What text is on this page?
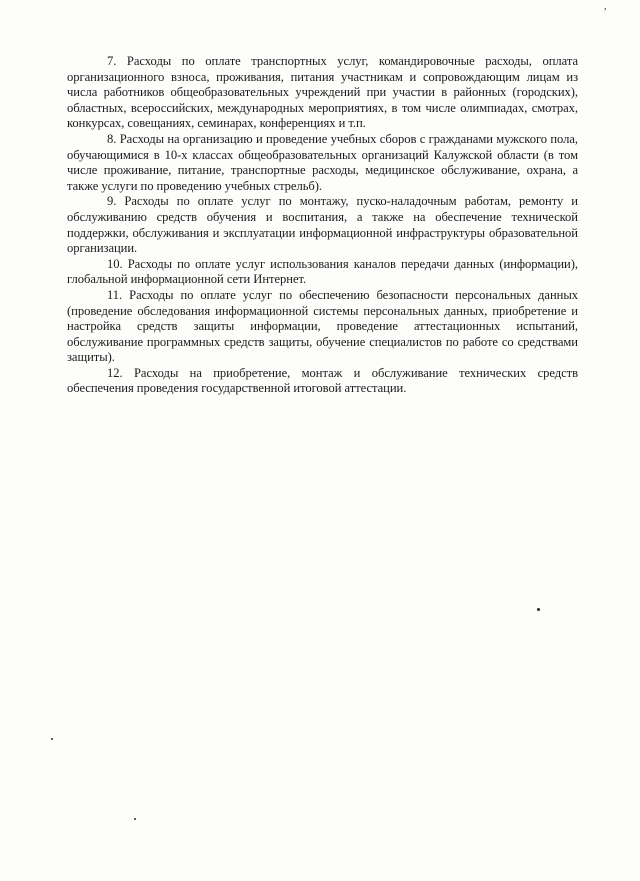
,

7. Расходы по оплате транспортных услуг, командировочные расходы, оплата организационного взноса, проживания, питания участникам и сопровождающим лицам из числа работников общеобразовательных учреждений при участии в районных (городских), областных, всероссийских, международных мероприятиях, в том числе олимпиадах, смотрах, конкурсах, совещаниях, семинарах, конференциях и т.п.

8. Расходы на организацию и проведение учебных сборов с гражданами мужского пола, обучающимися в 10-х классах общеобразовательных организаций Калужской области (в том числе проживание, питание, транспортные расходы, медицинское обслуживание, охрана, а также услуги по проведению учебных стрельб).

9. Расходы по оплате услуг по монтажу, пуско-наладочным работам, ремонту и обслуживанию средств обучения и воспитания, а также на обеспечение технической поддержки, обслуживания и эксплуатации информационной инфраструктуры образовательной организации.

10. Расходы по оплате услуг использования каналов передачи данных (информации), глобальной информационной сети Интернет.

11. Расходы по оплате услуг по обеспечению безопасности персональных данных (проведение обследования информационной системы персональных данных, приобретение и настройка средств защиты информации, проведение аттестационных испытаний, обслуживание программных средств защиты, обучение специалистов по работе со средствами защиты).

12. Расходы на приобретение, монтаж и обслуживание технических средств обеспечения проведения государственной итоговой аттестации.
